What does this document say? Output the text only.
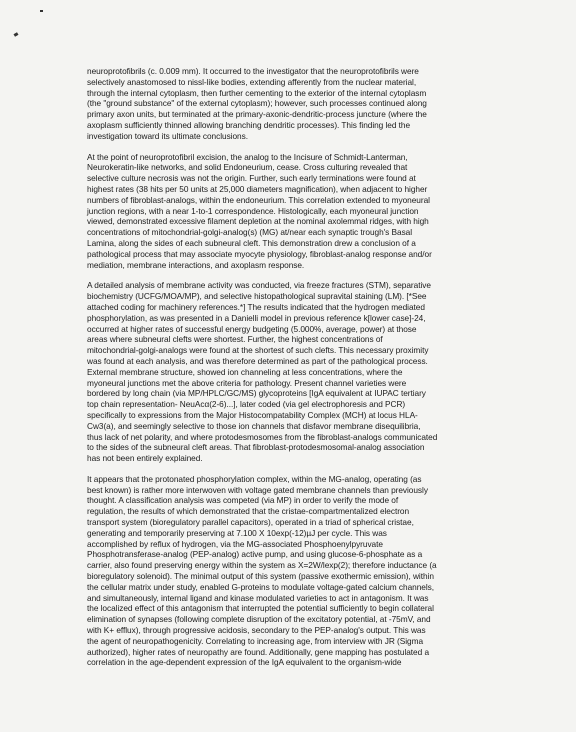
neuroprotofibrils (c. 0.009 mm). It occurred to the investigator that the neuroprotofibrils were
selectively anastomosed to nissl-like bodies, extending afferently from the nuclear material,
through the internal cytoplasm, then further cementing to the exterior of the internal cytoplasm
(the "ground substance" of the external cytoplasm); however, such processes continued along
primary axon units, but terminated at the primary-axonic-dendritic-process juncture (where the
axoplasm sufficiently thinned allowing branching dendritic processes). This finding led the
investigation toward its ultimate conclusions.
At the point of neuroprotofibril excision, the analog to the Incisure of Schmidt-Lanterman,
Neurokeratin-like networks, and solid Endoneurium, cease. Cross culturing revealed that
selective culture necrosis was not the origin. Further, such early terminations were found at
highest rates (38 hits per 50 units at 25,000 diameters magnification), when adjacent to higher
numbers of fibroblast-analogs, within the endoneurium. This correlation extended to myoneural
junction regions, with a near 1-to-1 correspondence. Histologically, each myoneural junction
viewed, demonstrated excessive filament depletion at the nominal axolemmal ridges, with high
concentrations of mitochondrial-golgi-analog(s) (MG) at/near each synaptic trough's Basal
Lamina, along the sides of each subneural cleft. This demonstration drew a conclusion of a
pathological process that may associate myocyte physiology, fibroblast-analog response and/or
mediation, membrane interactions, and axoplasm response.
A detailed analysis of membrane activity was conducted, via freeze fractures (STM), separative
biochemistry (UCFG/MOA/MP), and selective histopathological supravital staining (LM). [*See
attached coding for machinery references.*] The results indicated that the hydrogen mediated
phosphorylation, as was presented in a Danielli model in previous reference k[lower case]-24,
occurred at higher rates of successful energy budgeting (5.000%, average, power) at those
areas where subneural clefts were shortest. Further, the highest concentrations of
mitochondrial-golgi-analogs were found at the shortest of such clefts. This necessary proximity
was found at each analysis, and was therefore determined as part of the pathological process.
External membrane structure, showed ion channeling at less concentrations, where the
myoneural junctions met the above criteria for pathology. Present channel varieties were
bordered by long chain (via MP/HPLC/GC/MS) glycoproteins [IgA equivalent at IUPAC tertiary
top chain representation- NeuAcα(2-6)...], later coded (via gel electrophoresis and PCR)
specifically to expressions from the Major Histocompatability Complex (MCH) at locus HLA-
Cw3(a), and seemingly selective to those ion channels that disfavor membrane disequilibria,
thus lack of net polarity, and where protodesmosomes from the fibroblast-analogs communicated
to the sides of the subneural cleft areas. That fibroblast-protodesmosomal-analog association
has not been entirely explained.
It appears that the protonated phosphorylation complex, within the MG-analog, operating (as
best known) is rather more interwoven with voltage gated membrane channels than previously
thought. A classification analysis was competed (via MP) in order to verify the mode of
regulation, the results of which demonstrated that the cristae-compartmentalized electron
transport system (bioregulatory parallel capacitors), operated in a triad of spherical cristae,
generating and temporarily preserving at 7.100 X 10exp(-12)µJ per cycle. This was
accomplished by reflux of hydrogen, via the MG-associated Phosphoenylpyruvate
Phosphotransferase-analog (PEP-analog) active pump, and using glucose-6-phosphate as a
carrier, also found preserving energy within the system as X=2W/lexp(2); therefore inductance (a
bioregulatory solenoid). The minimal output of this system (passive exothermic emission), within
the cellular matrix under study, enabled G-proteins to modulate voltage-gated calcium channels,
and simultaneously, internal ligand and kinase modulated varieties to act in antagonism. It was
the localized effect of this antagonism that interrupted the potential sufficiently to begin collateral
elimination of synapses (following complete disruption of the excitatory potential, at -75mV, and
with K+ efflux), through progressive acidosis, secondary to the PEP-analog's output. This was
the agent of neuropathogenicity. Correlating to increasing age, from interview with JR (Sigma
authorized), higher rates of neuropathy are found. Additionally, gene mapping has postulated a
correlation in the age-dependent expression of the IgA equivalent to the organism-wide
